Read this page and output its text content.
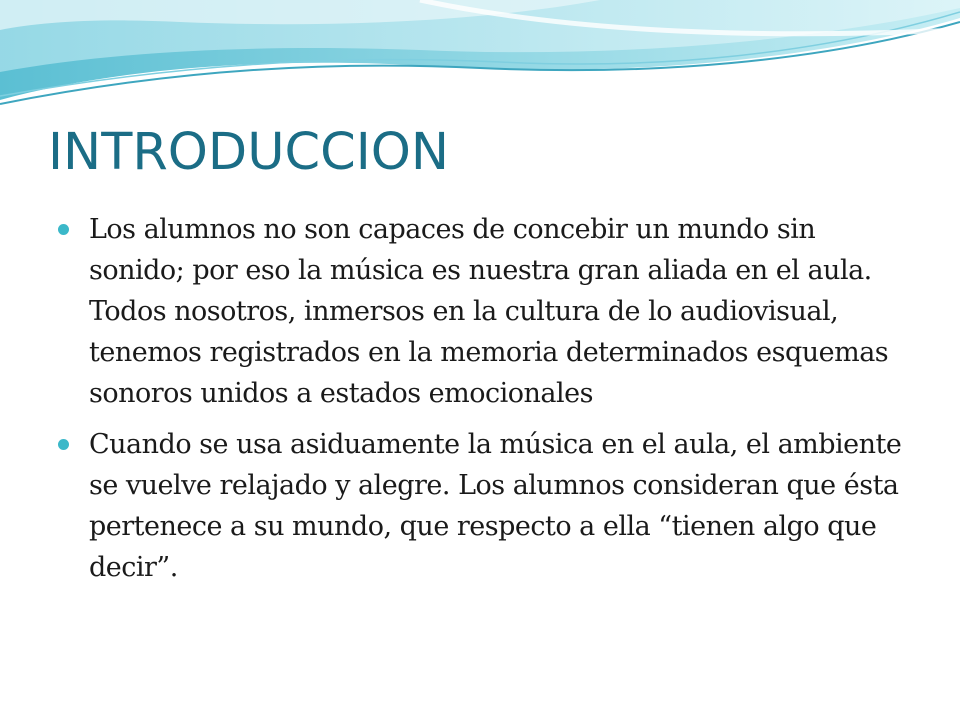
INTRODUCCION
Los alumnos no son capaces de concebir un mundo sin sonido; por eso la música es nuestra gran aliada en el aula. Todos nosotros, inmersos en la cultura de lo audiovisual, tenemos registrados en la memoria determinados esquemas sonoros unidos a estados emocionales
Cuando se usa asiduamente la música en el aula, el ambiente se vuelve relajado y alegre. Los alumnos consideran que ésta pertenece a su mundo, que respecto a ella “tienen algo que decir”.
